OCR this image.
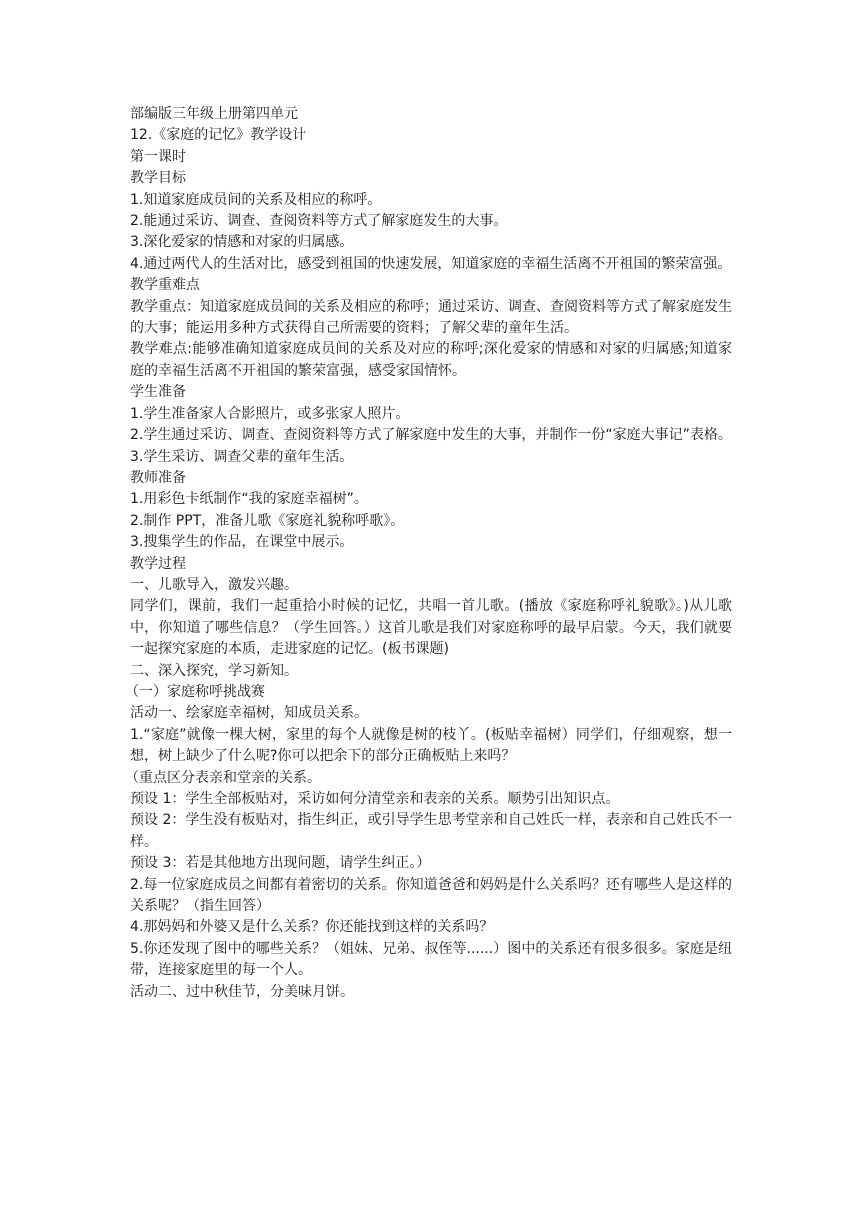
部编版三年级上册第四单元

12.《家庭的记忆》教学设计

第一课时

教学目标

1.知道家庭成员间的关系及相应的称呼。

2.能通过采访、调查、查阅资料等方式了解家庭发生的大事。

3.深化爱家的情感和对家的归属感。

4.通过两代人的生活对比，感受到祖国的快速发展，知道家庭的幸福生活离不开祖国的繁荣富强。

教学重难点

教学重点：知道家庭成员间的关系及相应的称呼；通过采访、调查、查阅资料等方式了解家庭发生的大事；能运用多种方式获得自己所需要的资料；了解父辈的童年生活。

教学难点:能够准确知道家庭成员间的关系及对应的称呼;深化爱家的情感和对家的归属感;知道家庭的幸福生活离不开祖国的繁荣富强，感受家国情怀。

学生准备

1.学生准备家人合影照片，或多张家人照片。

2.学生通过采访、调查、查阅资料等方式了解家庭中发生的大事，并制作一份“家庭大事记”表格。

3.学生采访、调查父辈的童年生活。

教师准备

1.用彩色卡纸制作“我的家庭幸福树”。

2.制作 PPT，准备儿歌《家庭礼貌称呼歌》。

3.搜集学生的作品，在课堂中展示。

教学过程

一、儿歌导入，激发兴趣。

同学们，课前，我们一起重拾小时候的记忆，共唱一首儿歌。(播放《家庭称呼礼貌歌》。)从儿歌中，你知道了哪些信息？（学生回答。）这首儿歌是我们对家庭称呼的最早启蒙。今天，我们就要一起探究家庭的本质，走进家庭的记忆。(板书课题)

二、深入探究，学习新知。

（一）家庭称呼挑战赛

活动一、绘家庭幸福树，知成员关系。

1.“家庭”就像一棵大树，家里的每个人就像是树的枝丫。(板贴幸福树）同学们，仔细观察，想一想，树上缺少了什么呢?你可以把余下的部分正确板贴上来吗？

（重点区分表亲和堂亲的关系。

预设 1：学生全部板贴对，采访如何分清堂亲和表亲的关系。顺势引出知识点。

预设 2：学生没有板贴对，指生纠正，或引导学生思考堂亲和自己姓氏一样，表亲和自己姓氏不一样。

预设 3：若是其他地方出现问题，请学生纠正。）

2.每一位家庭成员之间都有着密切的关系。你知道爸爸和妈妈是什么关系吗？还有哪些人是这样的关系呢？（指生回答）

4.那妈妈和外婆又是什么关系？你还能找到这样的关系吗？

5.你还发现了图中的哪些关系？（姐妹、兄弟、叔侄等......）图中的关系还有很多很多。家庭是纽带，连接家庭里的每一个人。

活动二、过中秋佳节，分美味月饼。
